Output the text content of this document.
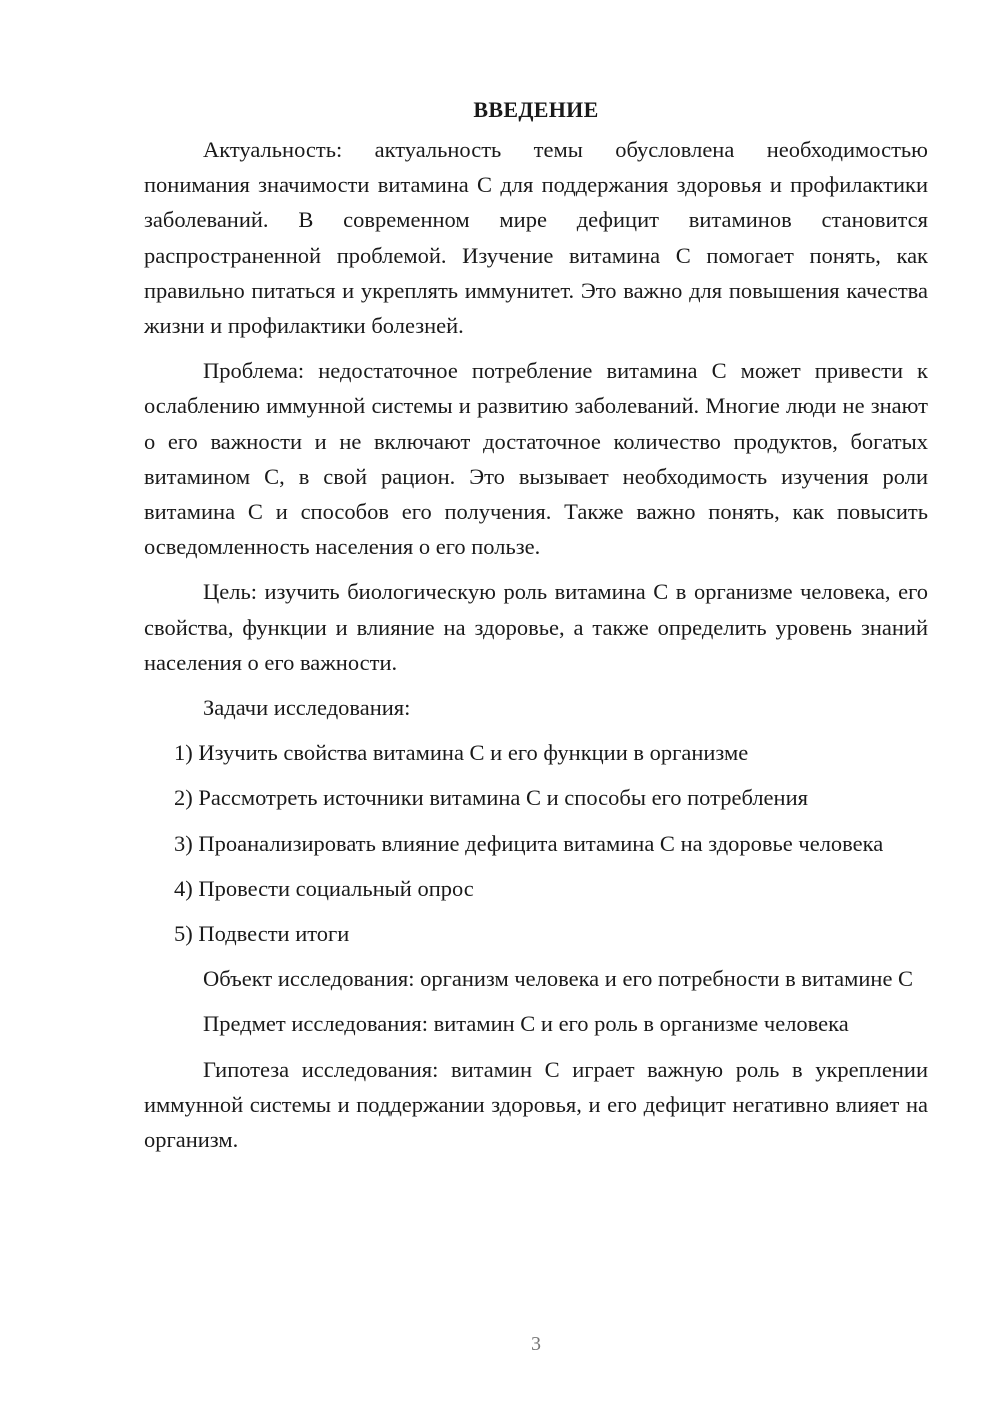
ВВЕДЕНИЕ

Актуальность: актуальность темы обусловлена необходимостью понимания значимости витамина С для поддержания здоровья и профилактики заболеваний. В современном мире дефицит витаминов становится распространенной проблемой. Изучение витамина С помогает понять, как правильно питаться и укреплять иммунитет. Это важно для повышения качества жизни и профилактики болезней.

Проблема: недостаточное потребление витамина С может привести к ослаблению иммунной системы и развитию заболеваний. Многие люди не знают о его важности и не включают достаточное количество продуктов, богатых витамином С, в свой рацион. Это вызывает необходимость изучения роли витамина С и способов его получения. Также важно понять, как повысить осведомленность населения о его пользе.

Цель: изучить биологическую роль витамина С в организме человека, его свойства, функции и влияние на здоровье, а также определить уровень знаний населения о его важности.

Задачи исследования:

1) Изучить свойства витамина С и его функции в организме

2) Рассмотреть источники витамина С и способы его потребления

3) Проанализировать влияние дефицита витамина С на здоровье человека

4) Провести социальный опрос

5) Подвести итоги

Объект исследования: организм человека и его потребности в витамине С

Предмет исследования: витамин С и его роль в организме человека

Гипотеза исследования: витамин С играет важную роль в укреплении иммунной системы и поддержании здоровья, и его дефицит негативно влияет на организм.

3
